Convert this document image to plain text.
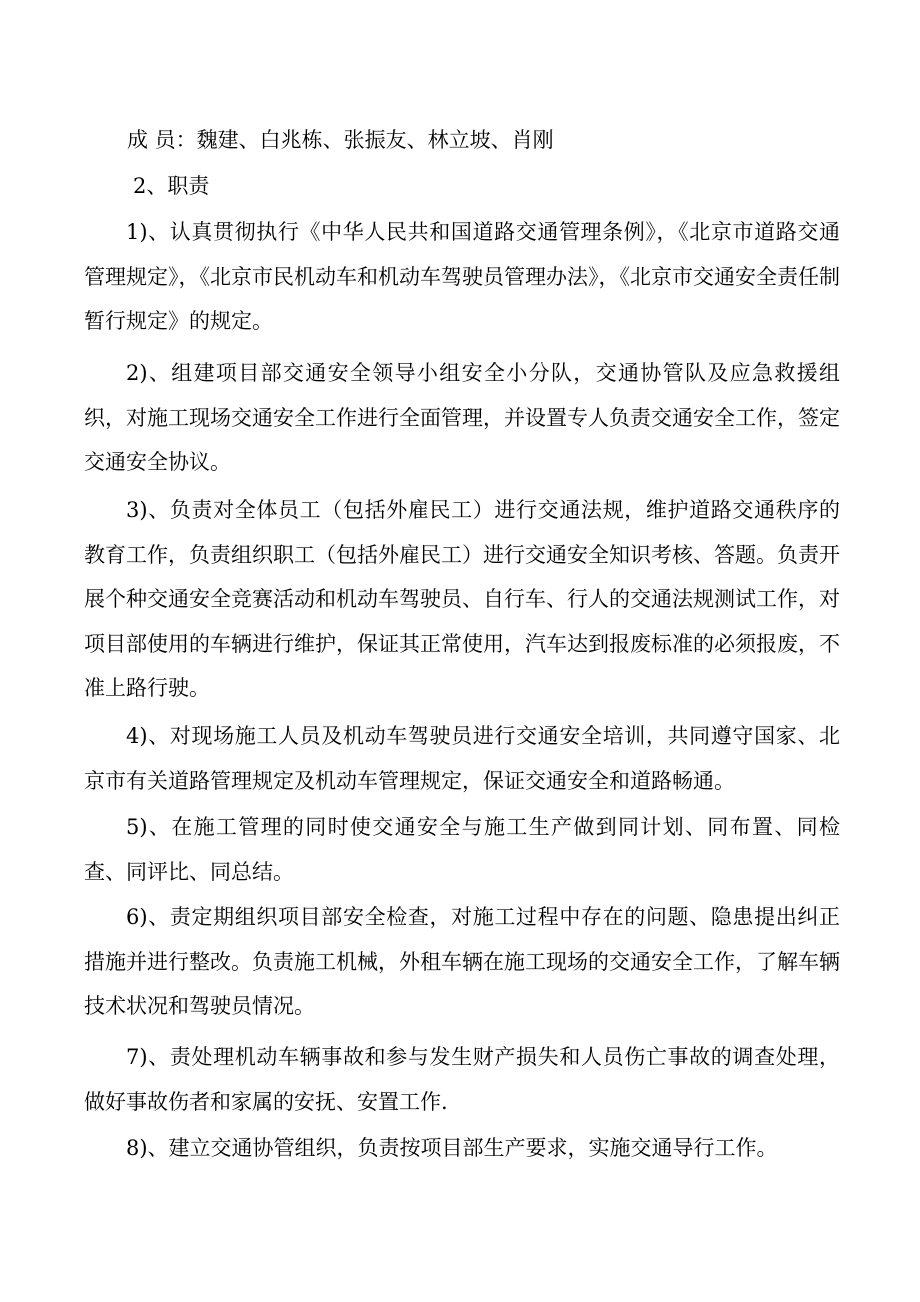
成 员：魏建、白兆栋、张振友、林立坡、肖刚

2、职责

1)、认真贯彻执行《中华人民共和国道路交通管理条例》，《北京市道路交通管理规定》，《北京市民机动车和机动车驾驶员管理办法》，《北京市交通安全责任制暂行规定》的规定。

2)、组建项目部交通安全领导小组安全小分队，交通协管队及应急救援组织，对施工现场交通安全工作进行全面管理，并设置专人负责交通安全工作，签定交通安全协议。

3)、负责对全体员工（包括外雇民工）进行交通法规，维护道路交通秩序的教育工作，负责组织职工（包括外雇民工）进行交通安全知识考核、答题。负责开展个种交通安全竞赛活动和机动车驾驶员、自行车、行人的交通法规测试工作，对项目部使用的车辆进行维护，保证其正常使用，汽车达到报废标准的必须报废，不准上路行驶。

4)、对现场施工人员及机动车驾驶员进行交通安全培训，共同遵守国家、北京市有关道路管理规定及机动车管理规定，保证交通安全和道路畅通。

5)、在施工管理的同时使交通安全与施工生产做到同计划、同布置、同检查、同评比、同总结。

6)、责定期组织项目部安全检查，对施工过程中存在的问题、隐患提出纠正措施并进行整改。负责施工机械，外租车辆在施工现场的交通安全工作，了解车辆技术状况和驾驶员情况。

7)、责处理机动车辆事故和参与发生财产损失和人员伤亡事故的调查处理，做好事故伤者和家属的安抚、安置工作.

8)、建立交通协管组织，负责按项目部生产要求，实施交通导行工作。
